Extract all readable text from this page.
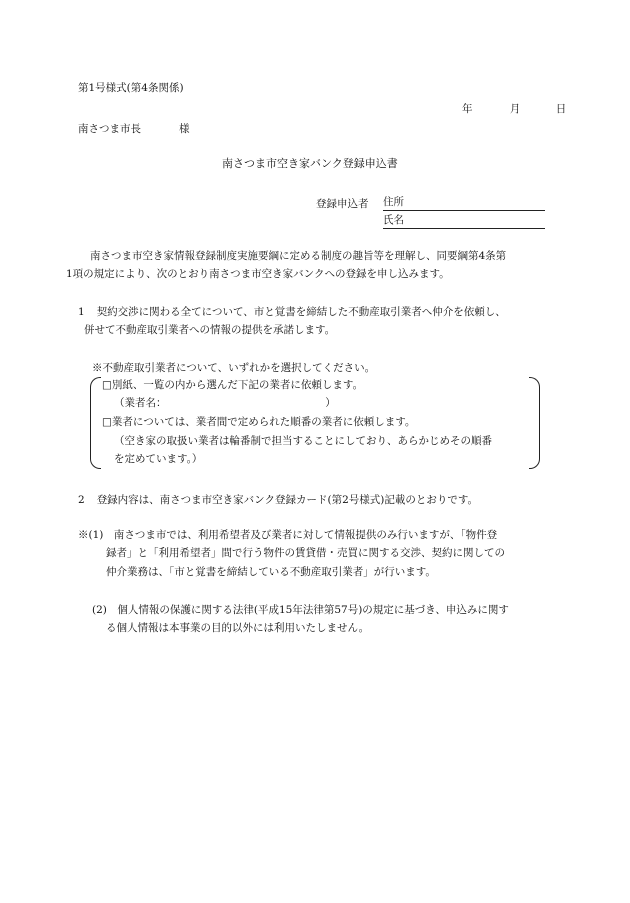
第1号様式(第4条関係)
年	月	日
南さつま市長	様
南さつま市空き家バンク登録申込書
登録申込者 住所
氏名
南さつま市空き家情報登録制度実施要綱に定める制度の趣旨等を理解し、同要綱第4条第
1項の規定により、次のとおり南さつま市空き家バンクへの登録を申し込みます。
1 契約交渉に関わる全てについて、市と覚書を締結した不動産取引業者へ仲介を依頼し、
併せて不動産取引業者への情報の提供を承諾します。
※不動産取引業者について、いずれかを選択してください。
□別紙、一覧の内から選んだ下記の業者に依頼します。
（業者名：	）
□業者については、業者間で定められた順番の業者に依頼します。
（空き家の取扱い業者は輪番制で担当することにしており、あらかじめその順番
を定めています。）
2 登録内容は、南さつま市空き家バンク登録カード(第2号様式)記載のとおりです。
※(1)　南さつま市では、利用希望者及び業者に対して情報提供のみ行いますが、「物件登
録者」と「利用希望者」間で行う物件の賃貸借・売買に関する交渉、契約に関しての
仲介業務は、「市と覚書を締結している不動産取引業者」が行います。
(2)　個人情報の保護に関する法律(平成15年法律第57号)の規定に基づき、申込みに関す
る個人情報は本事業の目的以外には利用いたしません。
